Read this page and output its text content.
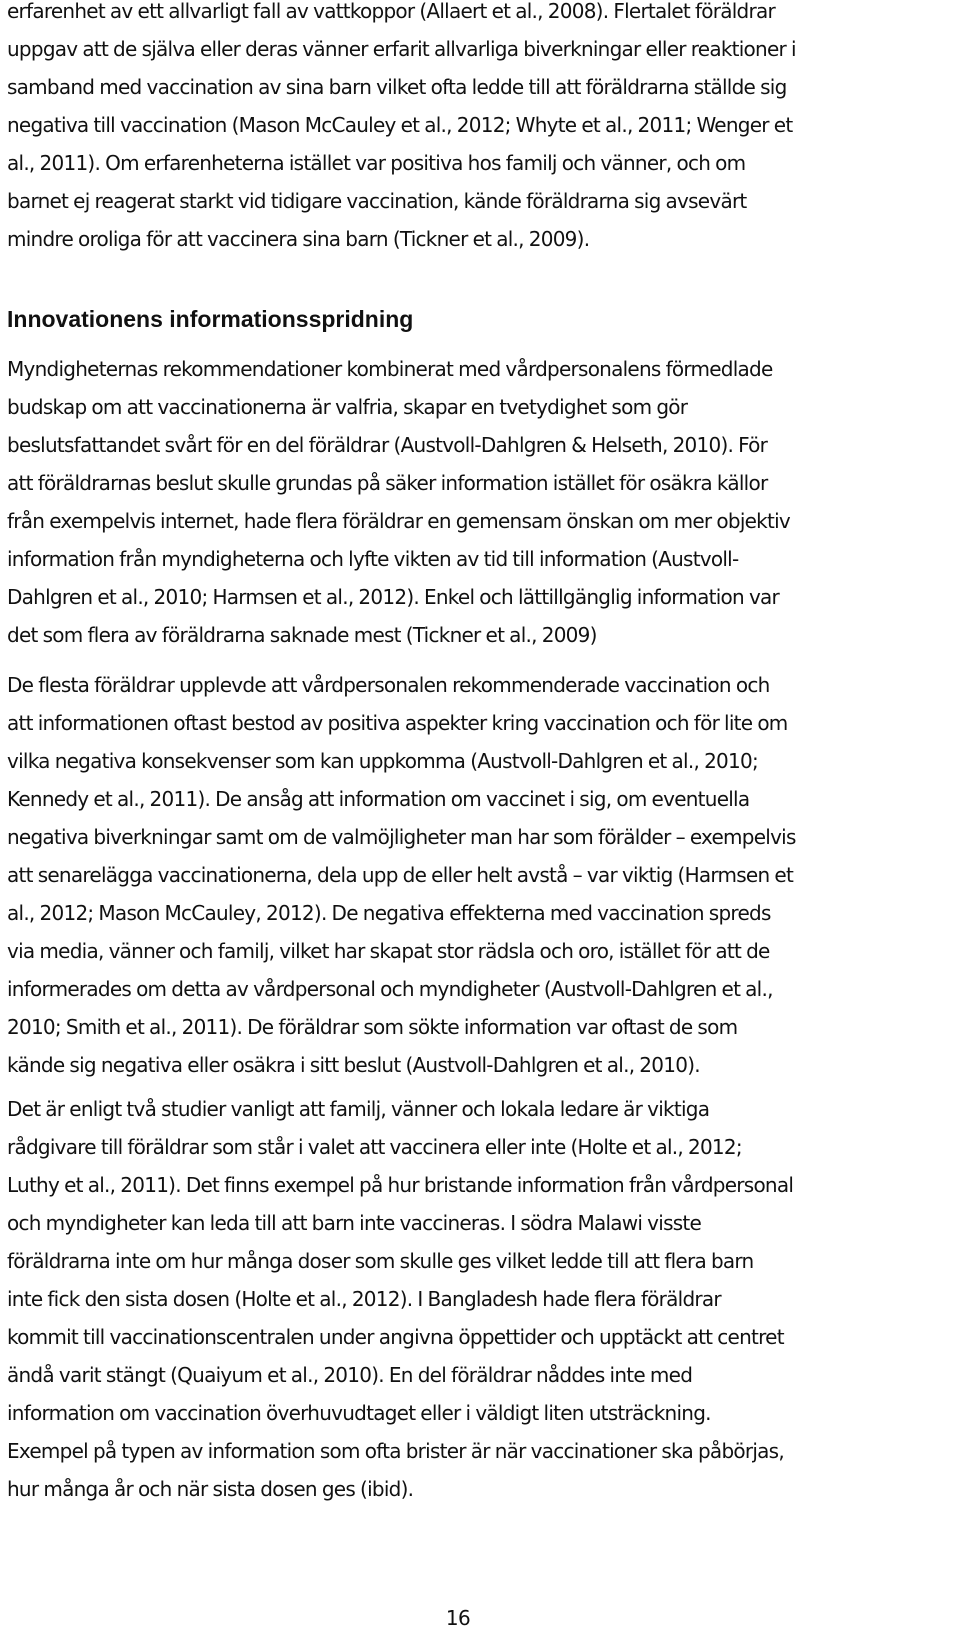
erfarenhet av ett allvarligt fall av vattkoppor (Allaert et al., 2008). Flertalet föräldrar
uppgav att de själva eller deras vänner erfarit allvarliga biverkningar eller reaktioner i
samband med vaccination av sina barn vilket ofta ledde till att föräldrarna ställde sig
negativa till vaccination (Mason McCauley et al., 2012; Whyte et al., 2011; Wenger et
al., 2011). Om erfarenheterna istället var positiva hos familj och vänner, och om
barnet ej reagerat starkt vid tidigare vaccination, kände föräldrarna sig avsevärt
mindre oroliga för att vaccinera sina barn (Tickner et al., 2009).

Innovationens informationsspridning

Myndigheternas rekommendationer kombinerat med vårdpersonalens förmedlade
budskap om att vaccinationerna är valfria, skapar en tvetydighet som gör
beslutsfattandet svårt för en del föräldrar (Austvoll-Dahlgren & Helseth, 2010). För
att föräldrarnas beslut skulle grundas på säker information istället för osäkra källor
från exempelvis internet, hade flera föräldrar en gemensam önskan om mer objektiv
information från myndigheterna och lyfte vikten av tid till information (Austvoll-
Dahlgren et al., 2010; Harmsen et al., 2012). Enkel och lättillgänglig information var
det som flera av föräldrarna saknade mest (Tickner et al., 2009)

De flesta föräldrar upplevde att vårdpersonalen rekommenderade vaccination och
att informationen oftast bestod av positiva aspekter kring vaccination och för lite om
vilka negativa konsekvenser som kan uppkomma (Austvoll-Dahlgren et al., 2010;
Kennedy et al., 2011). De ansåg att information om vaccinet i sig, om eventuella
negativa biverkningar samt om de valmöjligheter man har som förälder – exempelvis
att senarelägga vaccinationerna, dela upp de eller helt avstå – var viktig (Harmsen et
al., 2012; Mason McCauley, 2012). De negativa effekterna med vaccination spreds
via media, vänner och familj, vilket har skapat stor rädsla och oro, istället för att de
informerades om detta av vårdpersonal och myndigheter (Austvoll-Dahlgren et al.,
2010; Smith et al., 2011). De föräldrar som sökte information var oftast de som
kände sig negativa eller osäkra i sitt beslut (Austvoll-Dahlgren et al., 2010).

Det är enligt två studier vanligt att familj, vänner och lokala ledare är viktiga
rådgivare till föräldrar som står i valet att vaccinera eller inte (Holte et al., 2012;
Luthy et al., 2011). Det finns exempel på hur bristande information från vårdpersonal
och myndigheter kan leda till att barn inte vaccineras. I södra Malawi visste
föräldrarna inte om hur många doser som skulle ges vilket ledde till att flera barn
inte fick den sista dosen (Holte et al., 2012). I Bangladesh hade flera föräldrar
kommit till vaccinationscentralen under angivna öppettider och upptäckt att centret
ändå varit stängt (Quaiyum et al., 2010). En del föräldrar nåddes inte med
information om vaccination överhuvudtaget eller i väldigt liten utsträckning.
Exempel på typen av information som ofta brister är när vaccinationer ska påbörjas,
hur många år och när sista dosen ges (ibid).

16
